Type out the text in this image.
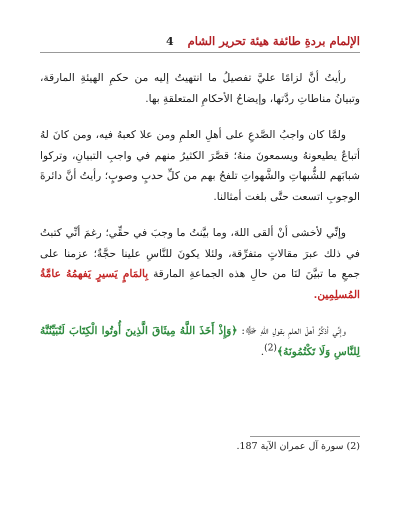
الإلمام بردةِ طائفة هيئة تحرير الشام
4

رأيتُ أنَّ لزامًا عليَّ تفصيلُ ما انتهيتُ إليه من حكمِ الهيئةِ المارقة، وتبيانُ مناطاتِ ردَّتها، وإيضاحُ الأحكامِ المتعلقةِ بها.

ولمَّا كان واجبُ الصَّدعِ على أهلِ العلمِ ومن علا كعبهُ فيه، ومن كانَ لهُ أتباعٌ يطيعونهُ ويسمعونَ منهُ؛ قصَّرَ الكثيرُ منهم في واجبِ التبيانِ، وتركوا شبابَهم للشُّبهاتِ والشَّهواتِ تلفحُ بهم من كلِّ حدبٍ وصوبٍ؛ رأيتُ أنَّ دائرةَ الوجوبِ اتسعت حتَّى بلغت أمثالنا.

وإنِّي لأخشى أنْ ألقى اللهَ، وما بيَّنتُ ما وجبَ في حقِّي؛ رغمَ أنِّي كتبتُ في ذلك عبرَ مقالاتٍ متفرِّقة، ولئلا يكونَ للنَّاسِ علينا حجَّةٌ؛ عزمنا على جمعِ ما تبيَّنَ لنَا من حالِ هذه الجماعةِ المارقة بِالمَامٍ يَسيرٍ يَفهمُهُ عامَّةُ المُسلِمِين.

وإنِّي أذكِّرُ أهلَ العلمِ بقولِ اللهِ ﷻ: ﴿وَإِذْ أَخَذَ اللَّهُ مِيثَاقَ الَّذِينَ أُوتُوا الْكِتَابَ لَتُبَيِّنُنَّهُ لِلنَّاسِ وَلَا تَكْتُمُونَهُ﴾$^{(2)}$.

(2) سورة آل عمران الآية 187.
